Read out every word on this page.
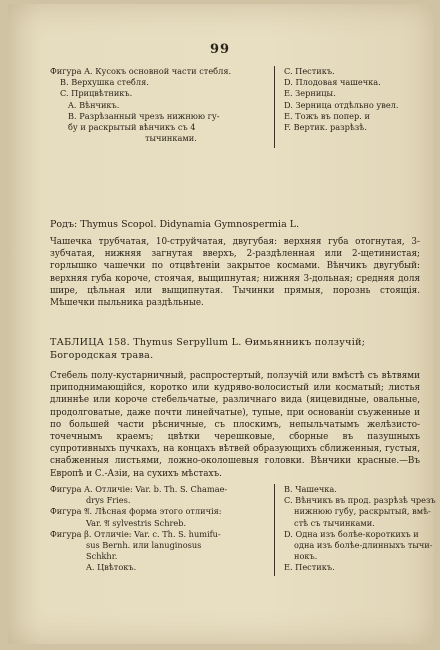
99
Фигура A. Кусокъ основной части стебля.
B. Верхушка стебля.
C. Прицвѣтникъ.
A. Вѣнчикъ.
B. Разрѣзанный чрезъ нижнюю гу-
бу и раскрытый вѣнчикъ съ 4
тычинками.
C. Пестикъ.
D. Плодовая чашечка.
E. Зерницы.
D. Зерница отдѣльно увел.
E. Тожъ въ попер. и
F. Вертик. разрѣзѣ.
Родъ: Thymus Scopol. Didynamia Gymnospermia L.
Чашечка трубчатая, 10-струйчатая, двугубая: верхняя губа отогнутая, 3-зубчатая, нижняя загнутая вверхъ, 2-раздѣленная или 2-щетинистая; горлышко чашечки по отцвѣтеніи закрытое космами. Вѣнчикъ двугубый: верхняя губа короче, стоячая, выщипнутая; нижняя 3-дольная; средняя доля шире, цѣльная или выщипнутая. Тычинки прямыя, порознь стоящія. Мѣшечки пыльника раздѣльные.
ТАБЛИЦА 158. Thymus Serpyllum L. Ѳимьянникъ ползучій; Богородская трава.
Стебель полу-кустарничный, распростертый, ползучій или вмѣстѣ съ вѣтвями приподнимающійся, коротко или кудряво-волосистый или косматый; листья длиннѣе или короче стебельчатые, различнаго вида (яицевидные, овальные, продолговатые, даже почти линейчатые), тупые, при основаніи съуженные и по большей части рѣсничные, съ плоскимъ, непыльчатымъ желѣзисто-точечнымъ краемъ; цвѣтки черешковые, сборные въ пазушныхъ супротивныхъ пучкахъ, на концахъ вѣтвей образующихъ сближенныя, густыя, снабженныя листьями, ложно-околошевыя головки. Вѣнчики красные.—Въ Европѣ и С.-Азіи, на сухихъ мѣстахъ.
Фигура A. Отличіе: Var. b. Th. S. Chamae-
drys Fries.
Фигура 𝔄. Лѣсная форма этого отличія:
Var. 𝔄 sylvestris Schreb.
Фигура β. Отличіе: Var. c. Th. S. humifu-
sus Bernh. или lanuginosus
Schkhr.
A. Цвѣтокъ.
B. Чашечка.
C. Вѣнчикъ въ прод. разрѣзѣ чрезъ
нижнюю губу, раскрытый, вмѣ-
стѣ съ тычинками.
D. Одна изъ болѣе-короткихъ и
одна изъ болѣе-длинныхъ тычи-
нокъ.
E. Пестикъ.
